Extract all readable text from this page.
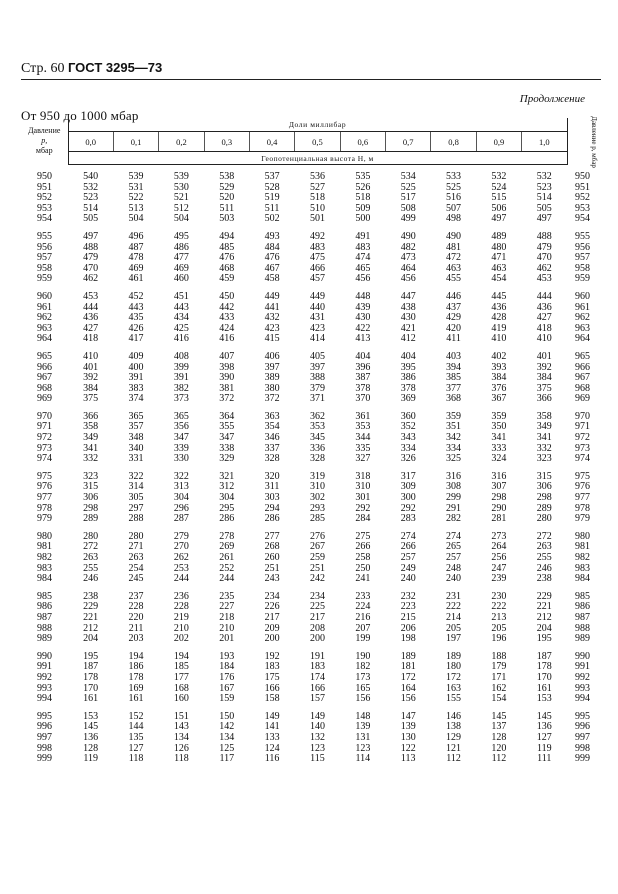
Стр. 60 ГОСТ 3295—73
Продолжение
От 950 до 1000 мбар
Давление
p,
мбар	Доли миллибар											Давление p, мбар
	0,0	0,1	0,2	0,3	0,4	0,5	0,6	0,7	0,8	0,9	1,0	
	Геопотенциальная высота H, м											
950	540	539	539	538	537	536	535	534	533	532	532	950
951	532	531	530	529	528	527	526	525	525	524	523	951
952	523	522	521	520	519	518	518	517	516	515	514	952
953	514	513	512	511	511	510	509	508	507	506	505	953
954	505	504	504	503	502	501	500	499	498	497	497	954
955	497	496	495	494	493	492	491	490	490	489	488	955
956	488	487	486	485	484	483	483	482	481	480	479	956
957	479	478	477	476	476	475	474	473	472	471	470	957
958	470	469	469	468	467	466	465	464	463	463	462	958
959	462	461	460	459	458	457	456	456	455	454	453	959
960	453	452	451	450	449	449	448	447	446	445	444	960
961	444	443	443	442	441	440	439	438	437	436	436	961
962	436	435	434	433	432	431	430	430	429	428	427	962
963	427	426	425	424	423	423	422	421	420	419	418	963
964	418	417	416	416	415	414	413	412	411	410	410	964
965	410	409	408	407	406	405	404	404	403	402	401	965
966	401	400	399	398	397	397	396	395	394	393	392	966
967	392	391	391	390	389	388	387	386	385	384	384	967
968	384	383	382	381	380	379	378	378	377	376	375	968
969	375	374	373	372	372	371	370	369	368	367	366	969
970	366	365	365	364	363	362	361	360	359	359	358	970
971	358	357	356	355	354	353	353	352	351	350	349	971
972	349	348	347	347	346	345	344	343	342	341	341	972
973	341	340	339	338	337	336	335	334	334	333	332	973
974	332	331	330	329	328	328	327	326	325	324	323	974
975	323	322	322	321	320	319	318	317	316	316	315	975
976	315	314	313	312	311	310	310	309	308	307	306	976
977	306	305	304	304	303	302	301	300	299	298	298	977
978	298	297	296	295	294	293	292	292	291	290	289	978
979	289	288	287	286	286	285	284	283	282	281	280	979
980	280	280	279	278	277	276	275	274	274	273	272	980
981	272	271	270	269	268	267	266	266	265	264	263	981
982	263	263	262	261	260	259	258	257	257	256	255	982
983	255	254	253	252	251	251	250	249	248	247	246	983
984	246	245	244	244	243	242	241	240	240	239	238	984
985	238	237	236	235	234	234	233	232	231	230	229	985
986	229	228	228	227	226	225	224	223	222	222	221	986
987	221	220	219	218	217	217	216	215	214	213	212	987
988	212	211	210	210	209	208	207	206	205	205	204	988
989	204	203	202	201	200	200	199	198	197	196	195	989
990	195	194	194	193	192	191	190	189	189	188	187	990
991	187	186	185	184	183	183	182	181	180	179	178	991
992	178	178	177	176	175	174	173	172	172	171	170	992
993	170	169	168	167	166	166	165	164	163	162	161	993
994	161	161	160	159	158	157	156	156	155	154	153	994
995	153	152	151	150	149	149	148	147	146	145	145	995
996	145	144	143	142	141	140	139	139	138	137	136	996
997	136	135	134	134	133	132	131	130	129	128	127	997
998	128	127	126	125	124	123	123	122	121	120	119	998
999	119	118	118	117	116	115	114	113	112	112	111	999
